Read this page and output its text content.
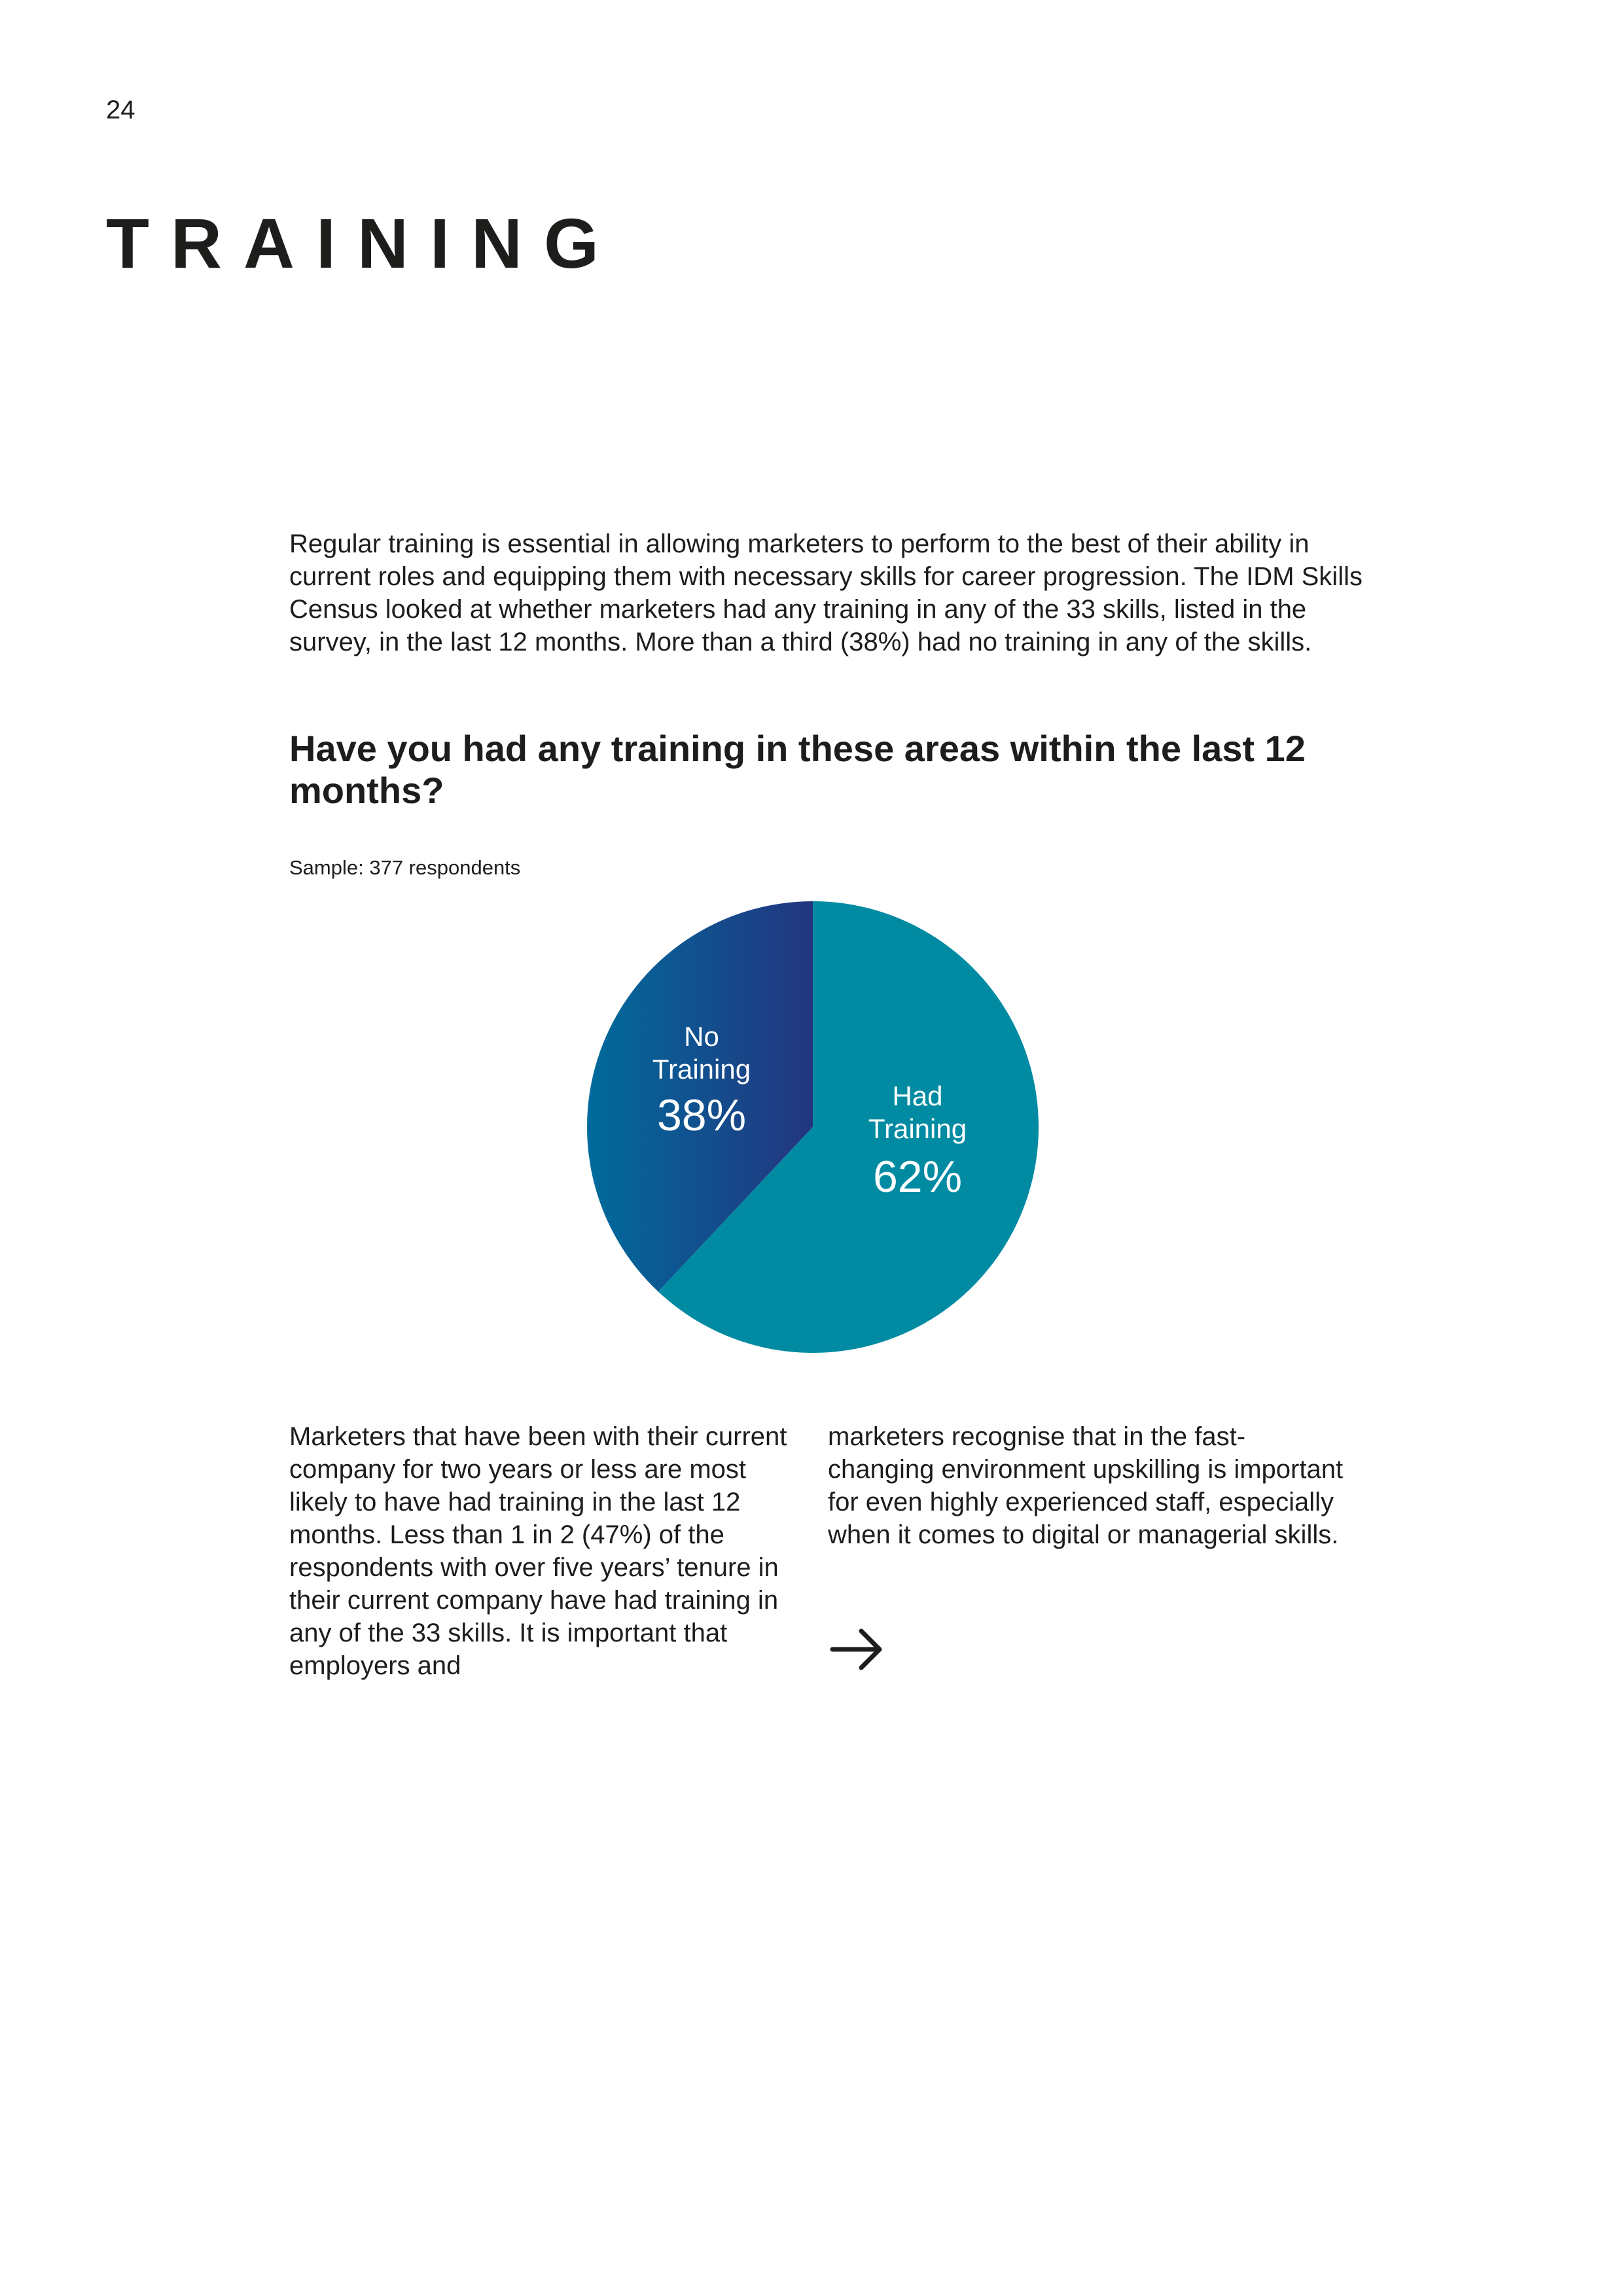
24
TRAINING

Regular training is essential in allowing marketers to perform to the best of their ability in current roles and equipping them with necessary skills for career progression. The IDM Skills Census looked at whether marketers had any training in any of the 33 skills, listed in the survey, in the last 12 months. More than a third (38%) had no training in any of the skills.

Have you had any training in these areas within the last 12 months?
Sample: 377 respondents
No
Training
38%	Had
Training
62%

Marketers that have been with their current company for two years or less are most likely to have had training in the last 12 months. Less than 1 in 2 (47%) of the respondents with over five years’ tenure in their current company have had training in any of the 33 skills. It is important that employers and

marketers recognise that in the fast-changing environment upskilling is important for even highly experienced staff, especially when it comes to digital or managerial skills.
